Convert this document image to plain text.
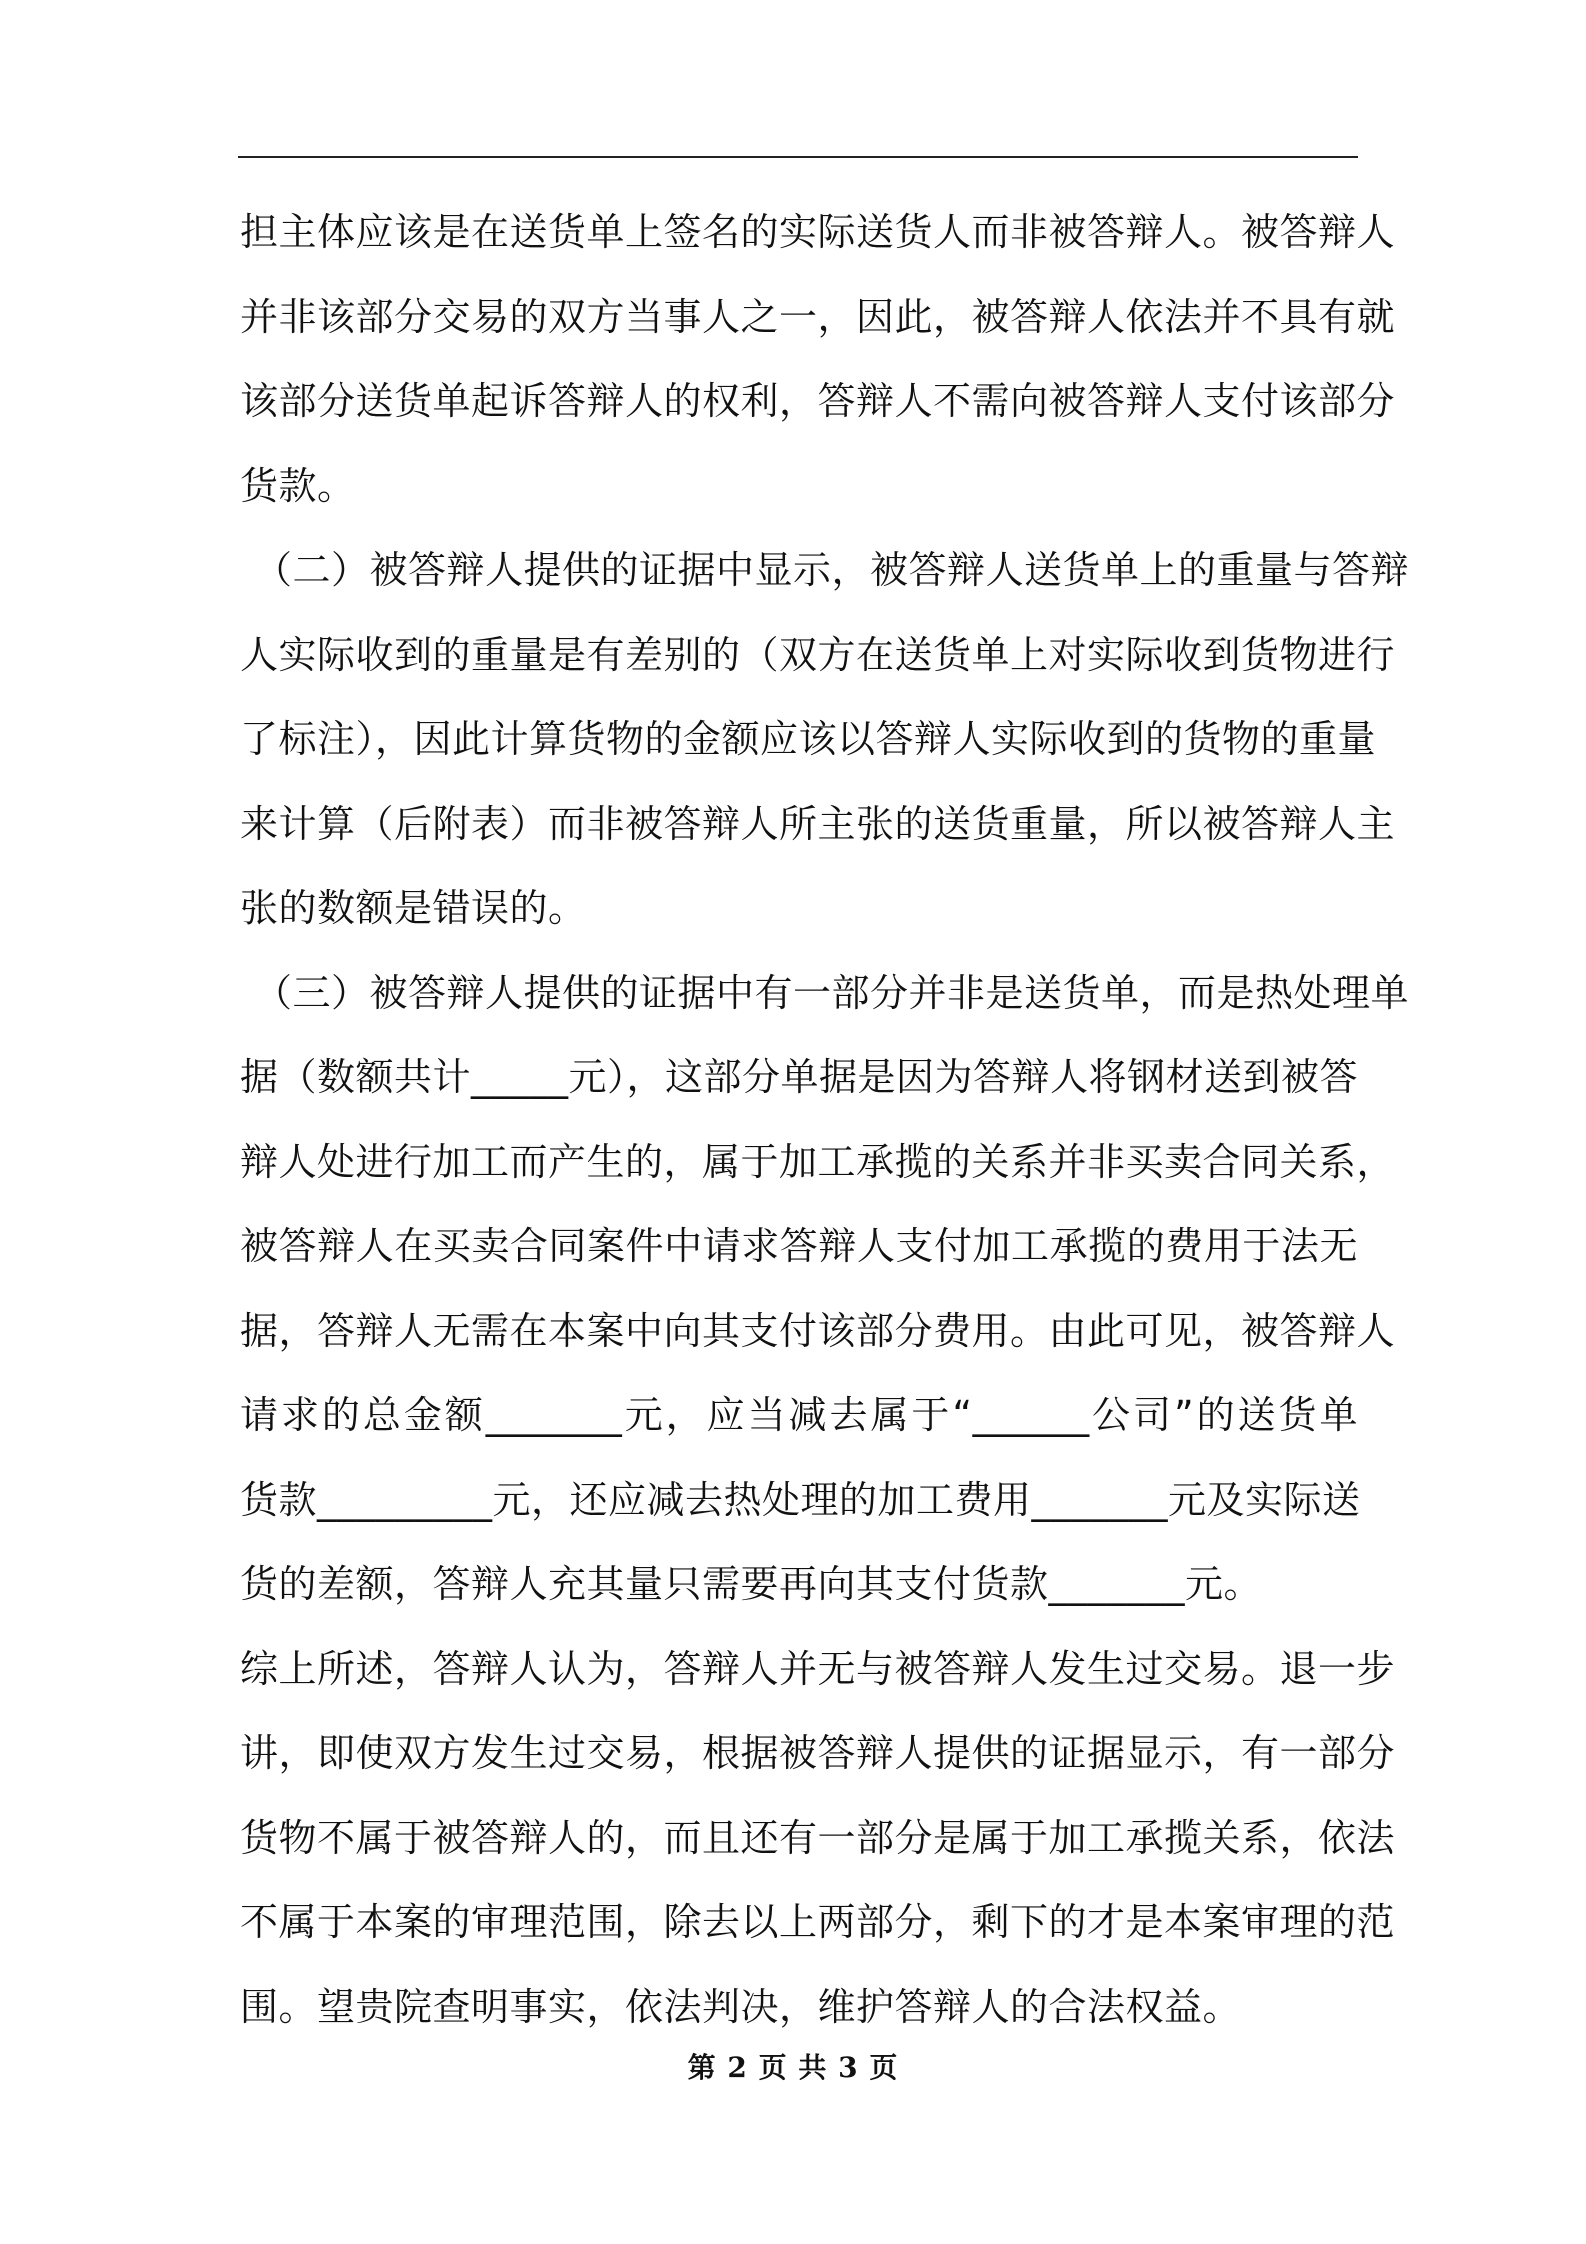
担主体应该是在送货单上签名的实际送货人而非被答辩人。被答辩人
并非该部分交易的双方当事人之一，因此，被答辩人依法并不具有就
该部分送货单起诉答辩人的权利，答辩人不需向被答辩人支付该部分
货款。
（二）被答辩人提供的证据中显示，被答辩人送货单上的重量与答辩
人实际收到的重量是有差别的（双方在送货单上对实际收到货物进行
了标注），因此计算货物的金额应该以答辩人实际收到的货物的重量
来计算（后附表）而非被答辩人所主张的送货重量，所以被答辩人主
张的数额是错误的。
（三）被答辩人提供的证据中有一部分并非是送货单，而是热处理单
据（数额共计_____元），这部分单据是因为答辩人将钢材送到被答
辩人处进行加工而产生的，属于加工承揽的关系并非买卖合同关系，
被答辩人在买卖合同案件中请求答辩人支付加工承揽的费用于法无
据，答辩人无需在本案中向其支付该部分费用。由此可见，被答辩人
请求的总金额_______元，应当减去属于“______公司”的送货单
货款_________元，还应减去热处理的加工费用_______元及实际送
货的差额，答辩人充其量只需要再向其支付货款_______元。
综上所述，答辩人认为，答辩人并无与被答辩人发生过交易。退一步
讲，即使双方发生过交易，根据被答辩人提供的证据显示，有一部分
货物不属于被答辩人的，而且还有一部分是属于加工承揽关系，依法
不属于本案的审理范围，除去以上两部分，剩下的才是本案审理的范
围。望贵院查明事实，依法判决，维护答辩人的合法权益。
第 2 页 共 3 页
